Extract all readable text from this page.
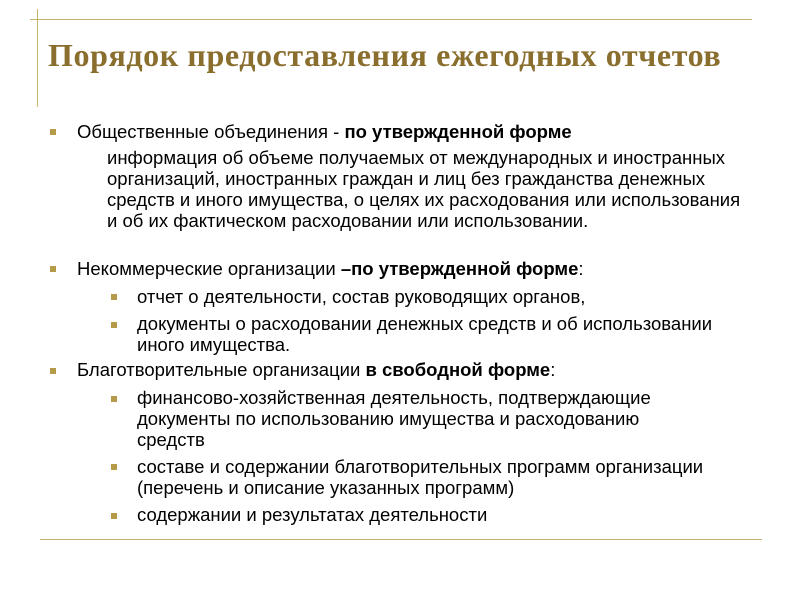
Порядок предоставления ежегодных отчетов
Общественные объединения - по утвержденной форме
информация об объеме получаемых от международных и иностранных организаций, иностранных граждан и лиц без гражданства денежных средств и иного имущества, о целях их расходования или использования и об их фактическом расходовании или использовании.
Некоммерческие организации –по утвержденной форме:
отчет о деятельности, состав руководящих органов,
документы о расходовании денежных средств и об использовании иного имущества.
Благотворительные организации в свободной форме:
финансово-хозяйственная деятельность, подтверждающие документы по использованию имущества и расходованию средств
составе и содержании благотворительных программ организации (перечень и описание указанных программ)
содержании и результатах деятельности
